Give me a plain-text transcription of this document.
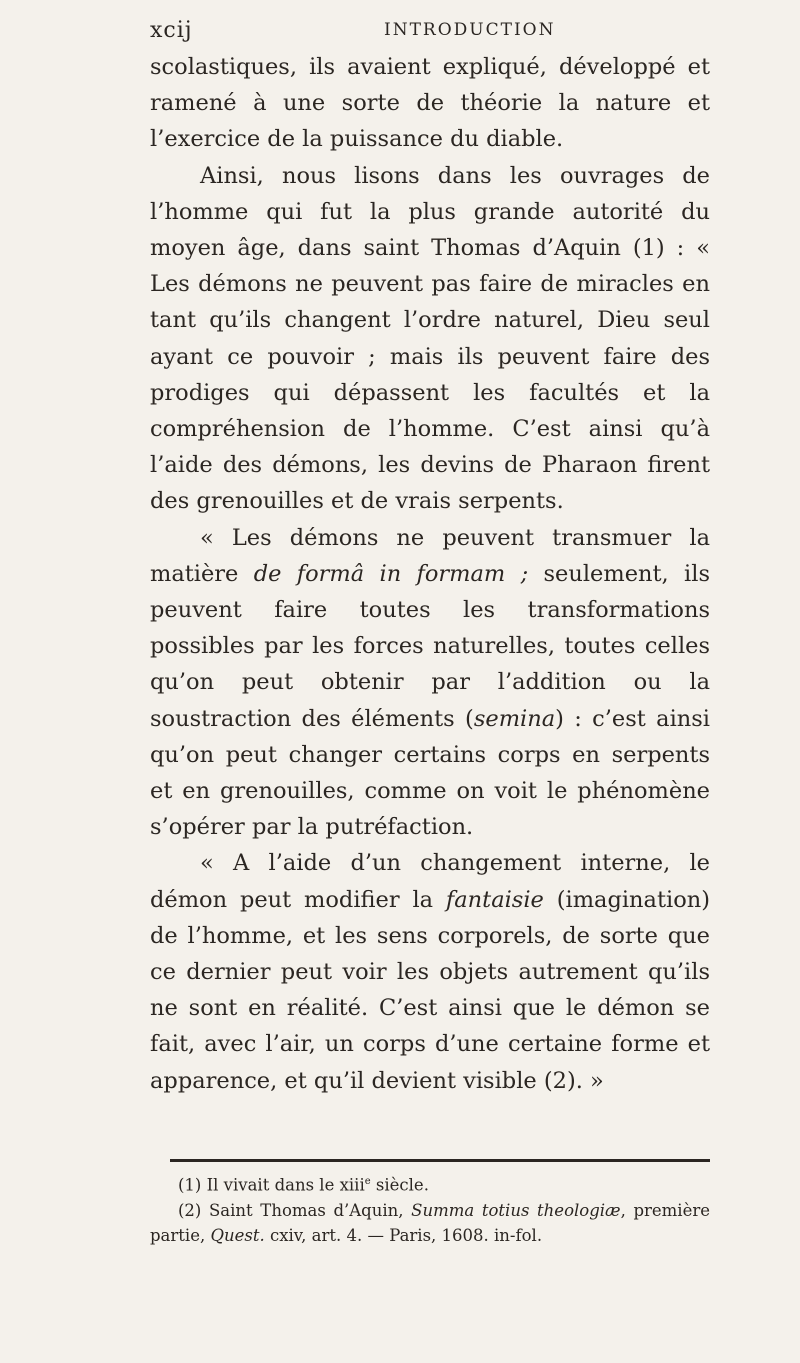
xcij	INTRODUCTION

scolastiques, ils avaient expliqué, développé et ramené à une sorte de théorie la nature et l’exercice de la puissance du diable.

Ainsi, nous lisons dans les ouvrages de l’homme qui fut la plus grande autorité du moyen âge, dans saint Thomas d’Aquin (1) : « Les démons ne peuvent pas faire de miracles en tant qu’ils changent l’ordre naturel, Dieu seul ayant ce pouvoir ; mais ils peuvent faire des prodiges qui dépassent les facultés et la compréhension de l’homme. C’est ainsi qu’à l’aide des démons, les devins de Pharaon firent des grenouilles et de vrais serpents.

« Les démons ne peuvent transmuer la matière de formâ in formam ; seulement, ils peuvent faire toutes les transformations possibles par les forces naturelles, toutes celles qu’on peut obtenir par l’addition ou la soustraction des éléments (semina) : c’est ainsi qu’on peut changer certains corps en serpents et en grenouilles, comme on voit le phénomène s’opérer par la putréfaction.

« A l’aide d’un changement interne, le démon peut modifier la fantaisie (imagination) de l’homme, et les sens corporels, de sorte que ce dernier peut voir les objets autrement qu’ils ne sont en réalité. C’est ainsi que le démon se fait, avec l’air, un corps d’une certaine forme et apparence, et qu’il devient visible (2). »

(1) Il vivait dans le xiii$^e$ siècle.

(2) Saint Thomas d’Aquin, Summa totius theologiæ, première partie, Quest. cxiv, art. 4. — Paris, 1608. in-fol.
